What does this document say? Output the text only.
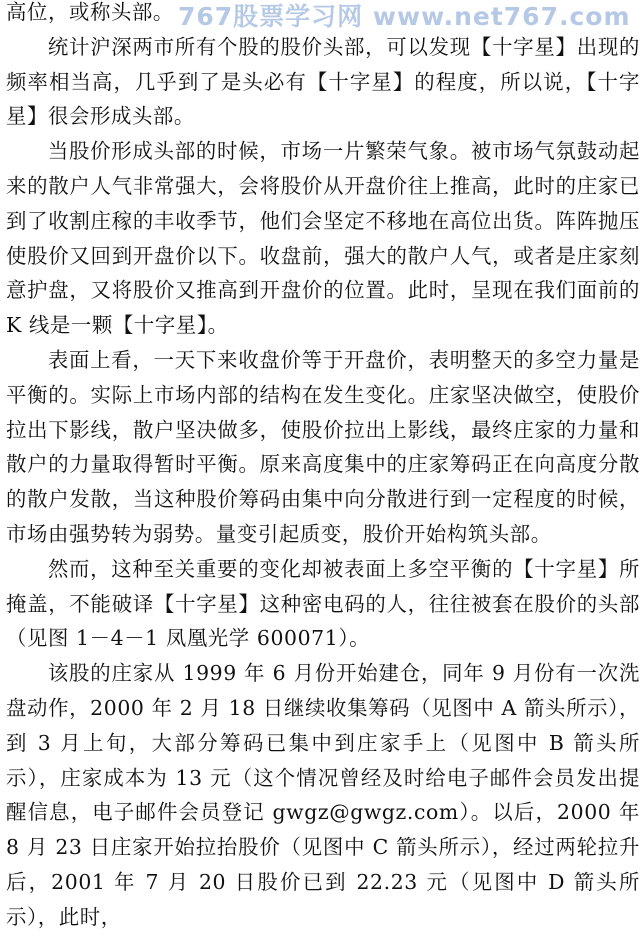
767股票学习网 www.net767.com

高位，或称头部。

统计沪深两市所有个股的股价头部，可以发现【十字星】出现的频率相当高，几乎到了是头必有【十字星】的程度，所以说，【十字星】很会形成头部。

当股价形成头部的时候，市场一片繁荣气象。被市场气氛鼓动起来的散户人气非常强大，会将股价从开盘价往上推高，此时的庄家已到了收割庄稼的丰收季节，他们会坚定不移地在高位出货。阵阵抛压使股价又回到开盘价以下。收盘前，强大的散户人气，或者是庄家刻意护盘，又将股价又推高到开盘价的位置。此时，呈现在我们面前的 K 线是一颗【十字星】。

表面上看，一天下来收盘价等于开盘价，表明整天的多空力量是平衡的。实际上市场内部的结构在发生变化。庄家坚决做空，使股价拉出下影线，散户坚决做多，使股价拉出上影线，最终庄家的力量和散户的力量取得暂时平衡。原来高度集中的庄家筹码正在向高度分散的散户发散，当这种股价筹码由集中向分散进行到一定程度的时候，市场由强势转为弱势。量变引起质变，股价开始构筑头部。

然而，这种至关重要的变化却被表面上多空平衡的【十字星】所掩盖，不能破译【十字星】这种密电码的人，往往被套在股价的头部（见图 1－4－1 凤凰光学 600071）。

该股的庄家从 1999 年 6 月份开始建仓，同年 9 月份有一次洗盘动作，2000 年 2 月 18 日继续收集筹码（见图中 A 箭头所示），到 3 月上旬，大部分筹码已集中到庄家手上（见图中 B 箭头所示），庄家成本为 13 元（这个情况曾经及时给电子邮件会员发出提醒信息，电子邮件会员登记 gwgz@gwgz.com）。以后，2000 年 8 月 23 日庄家开始拉抬股价（见图中 C 箭头所示），经过两轮拉升后，2001 年 7 月 20 日股价已到 22.23 元（见图中 D 箭头所示），此时，
